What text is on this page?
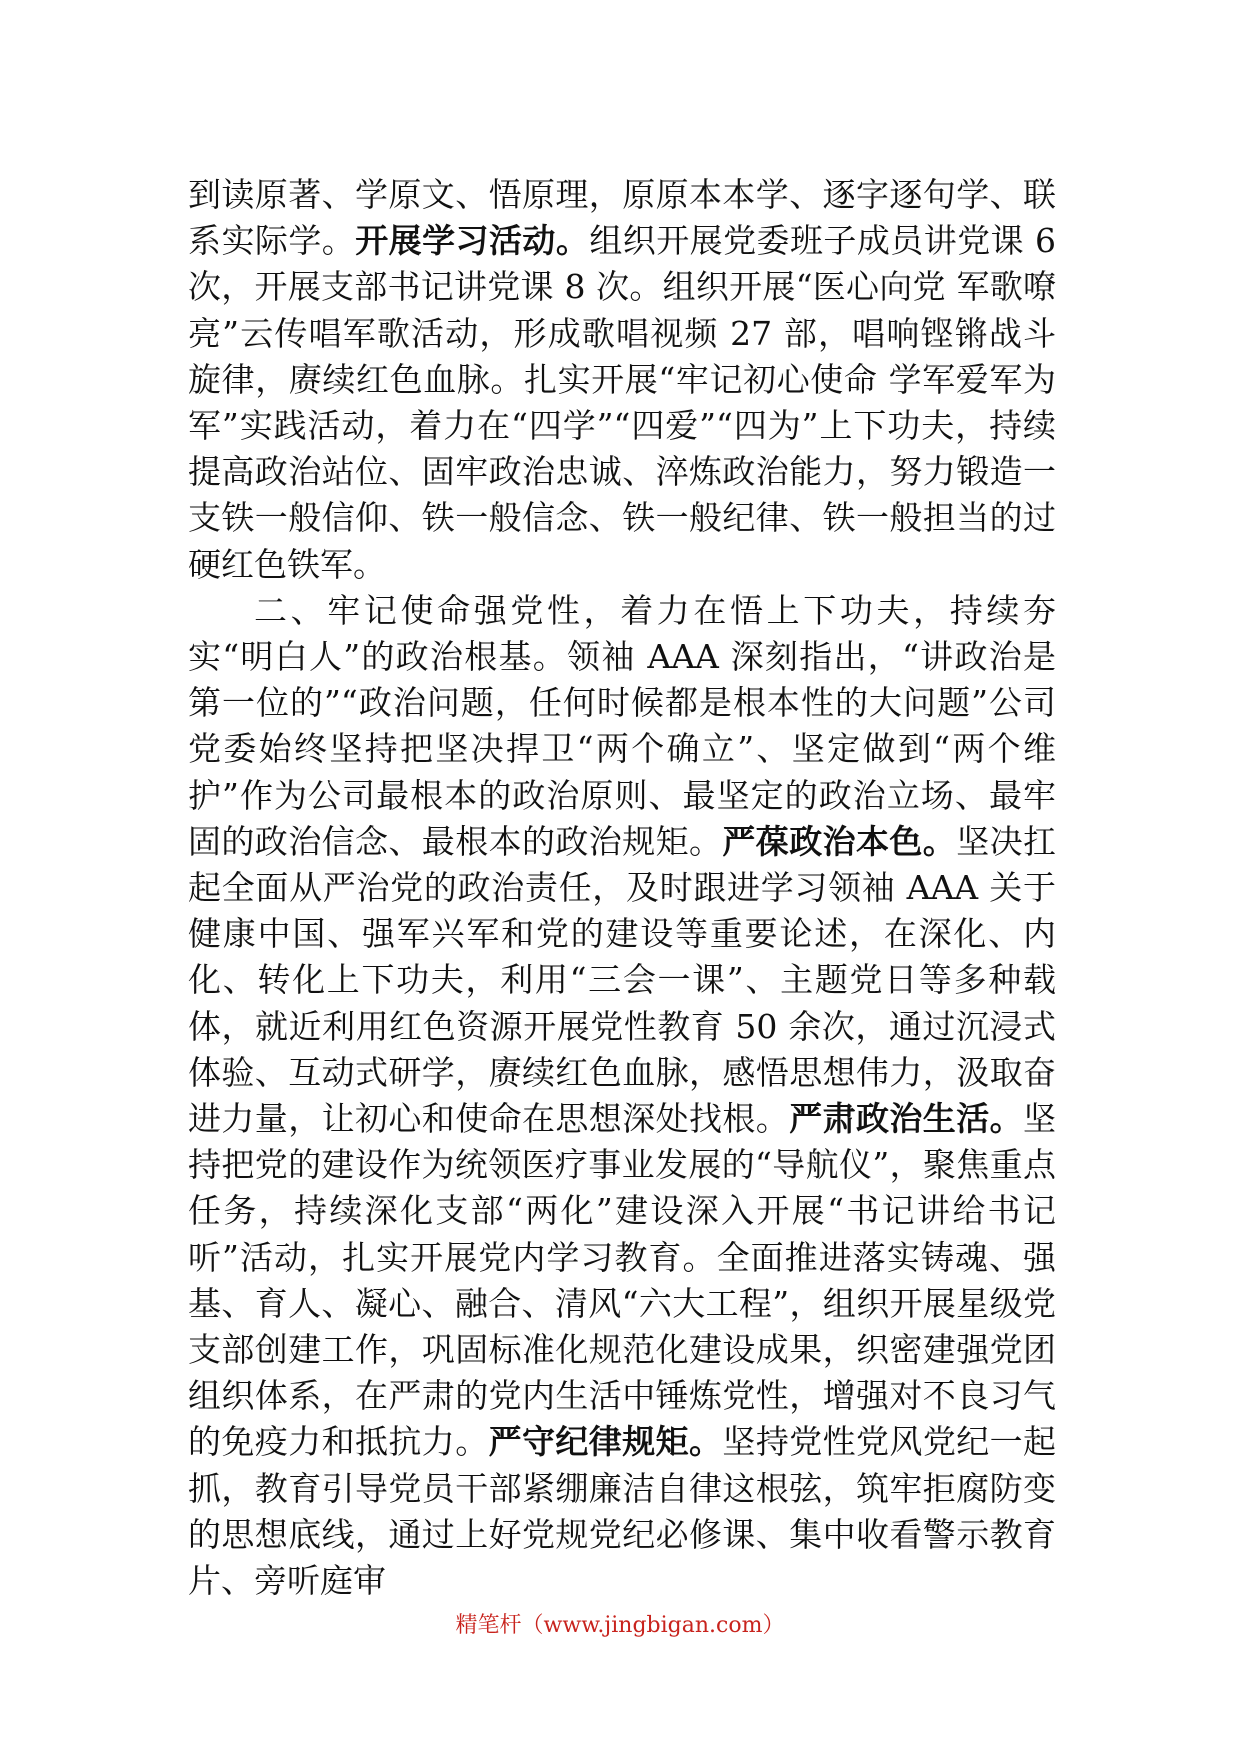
到读原著、学原文、悟原理，原原本本学、逐字逐句学、联系实际学。开展学习活动。组织开展党委班子成员讲党课 6 次，开展支部书记讲党课 8 次。组织开展“医心向党 军歌嘹亮”云传唱军歌活动，形成歌唱视频 27 部，唱响铿锵战斗旋律，赓续红色血脉。扎实开展“牢记初心使命 学军爱军为军”实践活动，着力在“四学”“四爱”“四为”上下功夫，持续提高政治站位、固牢政治忠诚、淬炼政治能力，努力锻造一支铁一般信仰、铁一般信念、铁一般纪律、铁一般担当的过硬红色铁军。

二、牢记使命强党性，着力在悟上下功夫，持续夯实“明白人”的政治根基。领袖 AAA 深刻指出，“讲政治是第一位的”“政治问题，任何时候都是根本性的大问题”公司党委始终坚持把坚决捍卫“两个确立”、坚定做到“两个维护”作为公司最根本的政治原则、最坚定的政治立场、最牢固的政治信念、最根本的政治规矩。严葆政治本色。坚决扛起全面从严治党的政治责任，及时跟进学习领袖 AAA 关于健康中国、强军兴军和党的建设等重要论述，在深化、内化、转化上下功夫，利用“三会一课”、主题党日等多种载体，就近利用红色资源开展党性教育 50 余次，通过沉浸式体验、互动式研学，赓续红色血脉，感悟思想伟力，汲取奋进力量，让初心和使命在思想深处找根。严肃政治生活。坚持把党的建设作为统领医疗事业发展的“导航仪”，聚焦重点任务，持续深化支部“两化”建设深入开展“书记讲给书记听”活动，扎实开展党内学习教育。全面推进落实铸魂、强基、育人、凝心、融合、清风“六大工程”，组织开展星级党支部创建工作，巩固标准化规范化建设成果，织密建强党团组织体系，在严肃的党内生活中锤炼党性，增强对不良习气的免疫力和抵抗力。严守纪律规矩。坚持党性党风党纪一起抓，教育引导党员干部紧绷廉洁自律这根弦，筑牢拒腐防变的思想底线，通过上好党规党纪必修课、集中收看警示教育片、旁听庭审

精笔杆（www.jingbigan.com）
